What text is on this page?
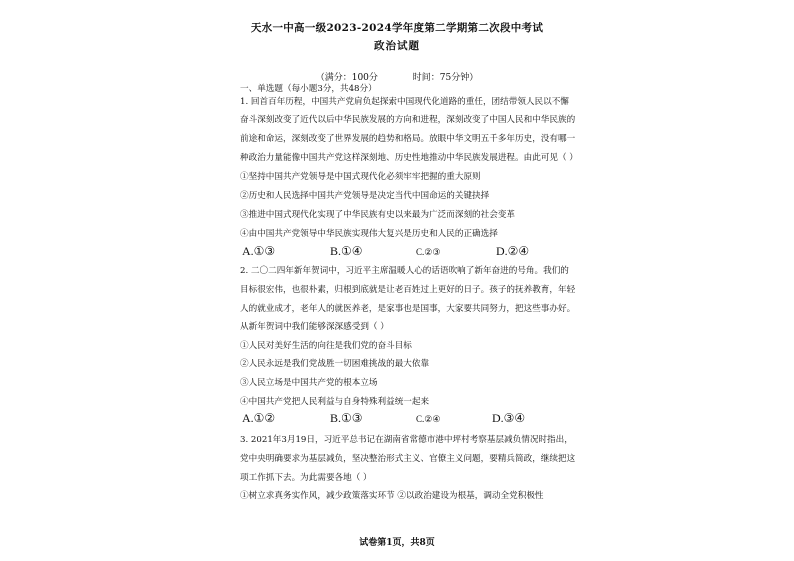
天水一中高一级2023-2024学年度第二学期第二次段中考试
政治试题
（满分：100分	时间：75分钟）
一、单选题（每小题3分，共48分）
1. 回首百年历程，中国共产党肩负起探索中国现代化道路的重任，团结带领人民以不懈
奋斗深刻改变了近代以后中华民族发展的方向和进程，深刻改变了中国人民和中华民族的
前途和命运，深刻改变了世界发展的趋势和格局。放眼中华文明五千多年历史，没有哪一
种政治力量能像中国共产党这样深刻地、历史性地推动中华民族发展进程。由此可见（ ）
①坚持中国共产党领导是中国式现代化必须牢牢把握的重大原则
②历史和人民选择中国共产党领导是决定当代中国命运的关键抉择
③推进中国式现代化实现了中华民族有史以来最为广泛而深刻的社会变革
④由中国共产党领导中华民族实现伟大复兴是历史和人民的正确选择
A.①③	B.①④	C.②③	D.②④
2. 二〇二四年新年贺词中，习近平主席温暖人心的话语吹响了新年奋进的号角。我们的
目标很宏伟，也很朴素，归根到底就是让老百姓过上更好的日子。孩子的抚养教育，年轻
人的就业成才，老年人的就医养老，是家事也是国事，大家要共同努力，把这些事办好。
从新年贺词中我们能够深深感受到（ ）
①人民对美好生活的向往是我们党的奋斗目标
②人民永远是我们党战胜一切困难挑战的最大依靠
③人民立场是中国共产党的根本立场
④中国共产党把人民利益与自身特殊利益统一起来
A.①②	B.①③	C.②④	D.③④
3. 2021年3月19日，习近平总书记在湖南省常德市港中坪村考察基层减负情况时指出，
党中央明确要求为基层减负，坚决整治形式主义、官僚主义问题，要精兵简政，继续把这
项工作抓下去。为此需要各地（ ）
①树立求真务实作风，减少政策落实环节 ②以政治建设为根基，调动全党积极性
试卷第1页，共8页
